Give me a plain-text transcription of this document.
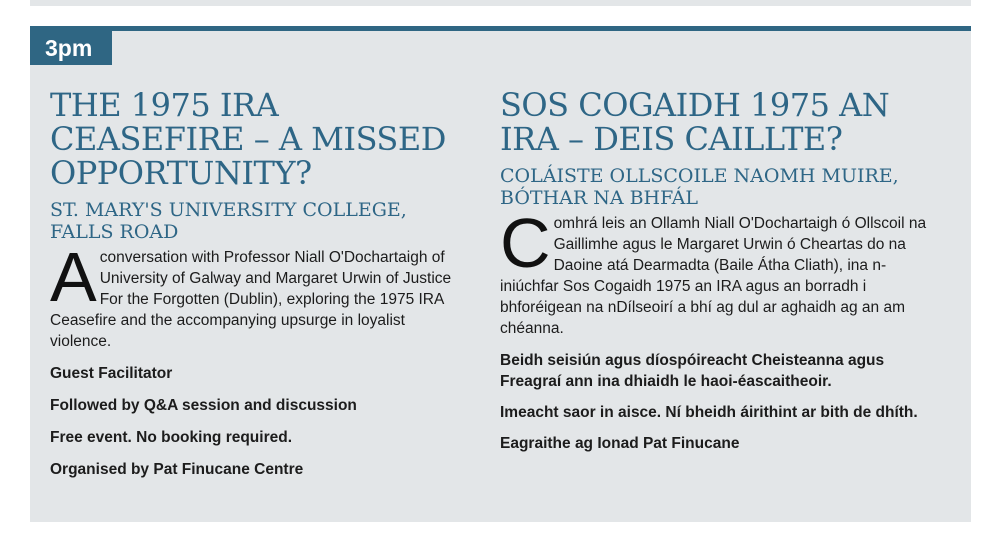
3pm
THE 1975 IRA CEASEFIRE – A MISSED OPPORTUNITY?
ST. MARY'S UNIVERSITY COLLEGE, FALLS ROAD

A conversation with Professor Niall O'Dochartaigh of University of Galway and Margaret Urwin of Justice For the Forgotten (Dublin), exploring the 1975 IRA Ceasefire and the accompanying upsurge in loyalist violence.

Guest Facilitator

Followed by Q&A session and discussion

Free event. No booking required.

Organised by Pat Finucane Centre

SOS COGAIDH 1975 AN IRA – DEIS CAILLTE?
COLÁISTE OLLSCOILE NAOMH MUIRE, BÓTHAR NA BHFÁL

C omhrá leis an Ollamh Niall O'Dochartaigh ó Ollscoil na Gaillimhe agus le Margaret Urwin ó Cheartas do na Daoine atá Dearmadta (Baile Átha Cliath), ina n-iniúchfar Sos Cogaidh 1975 an IRA agus an borradh i bhforéigean na nDílseoirí a bhí ag dul ar aghaidh ag an am chéanna.

Beidh seisiún agus díospóireacht Cheisteanna agus Freagraí ann ina dhiaidh le haoi-éascaitheoir.

Imeacht saor in aisce. Ní bheidh áirithint ar bith de dhíth.

Eagraithe ag Ionad Pat Finucane
